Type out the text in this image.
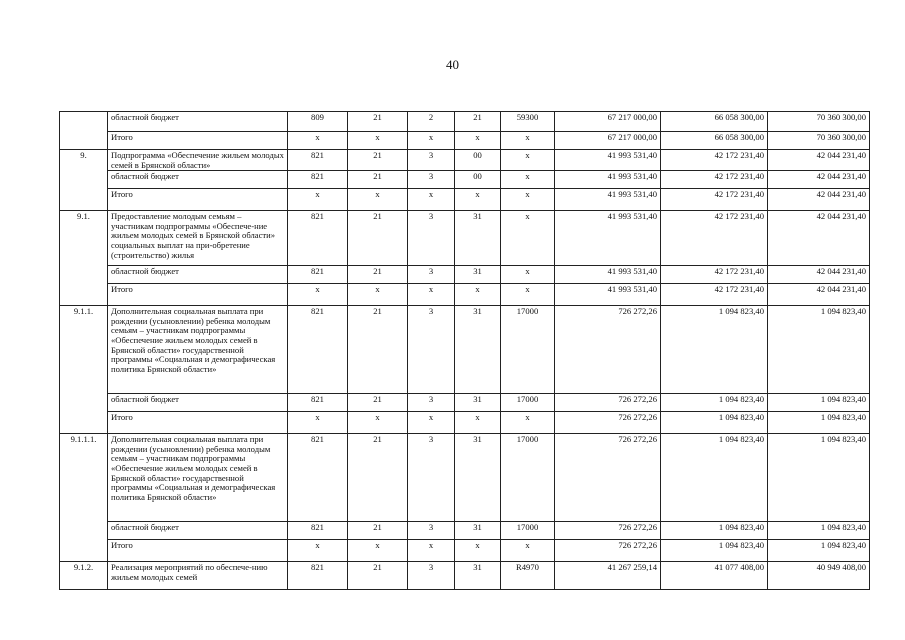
40
	областной бюджет	809	21	2	21	59300	67 217 000,00	66 058 300,00	70 360 300,00
	Итого	х	х	х	х	х	67 217 000,00	66 058 300,00	70 360 300,00
9.	Подпрограмма «Обеспечение жильем молодых семей в Брянской области»	821	21	3	00	х	41 993 531,40	42 172 231,40	42 044 231,40
	областной бюджет	821	21	3	00	х	41 993 531,40	42 172 231,40	42 044 231,40
	Итого	х	х	х	х	х	41 993 531,40	42 172 231,40	42 044 231,40
9.1.	Предоставление молодым семьям – участникам подпрограммы «Обеспече-ние жильем молодых семей в Брянской области» социальных выплат на при-обретение (строительство) жилья	821	21	3	31	х	41 993 531,40	42 172 231,40	42 044 231,40
	областной бюджет	821	21	3	31	х	41 993 531,40	42 172 231,40	42 044 231,40
	Итого	х	х	х	х	х	41 993 531,40	42 172 231,40	42 044 231,40
9.1.1.	Дополнительная социальная выплата при рождении (усыновлении) ребенка молодым семьям – участникам подпрограммы «Обеспечение жильем молодых семей в Брянской области» государственной программы «Социальная и демографическая политика Брянской области»	821	21	3	31	17000	726 272,26	1 094 823,40	1 094 823,40
	областной бюджет	821	21	3	31	17000	726 272,26	1 094 823,40	1 094 823,40
	Итого	х	х	х	х	х	726 272,26	1 094 823,40	1 094 823,40
9.1.1.1.	Дополнительная социальная выплата при рождении (усыновлении) ребенка молодым семьям – участникам подпрограммы «Обеспечение жильем молодых семей в Брянской области» государственной программы «Социальная и демографическая политика Брянской области»	821	21	3	31	17000	726 272,26	1 094 823,40	1 094 823,40
	областной бюджет	821	21	3	31	17000	726 272,26	1 094 823,40	1 094 823,40
	Итого	х	х	х	х	х	726 272,26	1 094 823,40	1 094 823,40
9.1.2.	Реализация мероприятий по обеспече-нию жильем молодых семей	821	21	3	31	R4970	41 267 259,14	41 077 408,00	40 949 408,00
